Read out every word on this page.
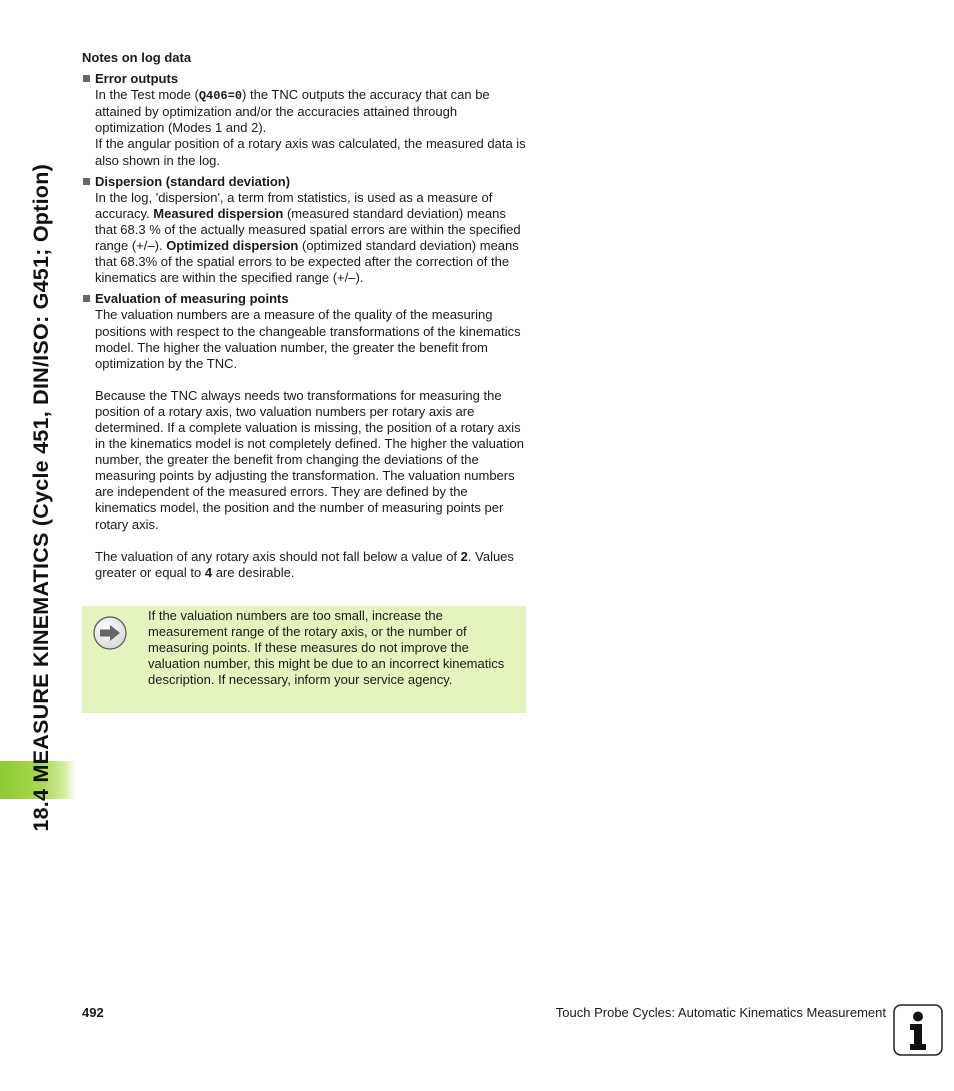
18.4 MEASURE KINEMATICS (Cycle 451, DIN/ISO: G451; Option)
Notes on log data
Error outputs

In the Test mode (Q406=0) the TNC outputs the accuracy that can be attained by optimization and/or the accuracies attained through optimization (Modes 1 and 2).

If the angular position of a rotary axis was calculated, the measured data is also shown in the log.

Dispersion (standard deviation)

In the log, 'dispersion', a term from statistics, is used as a measure of accuracy. Measured dispersion (measured standard deviation) means that 68.3 % of the actually measured spatial errors are within the specified range (+/–). Optimized dispersion (optimized standard deviation) means that 68.3% of the spatial errors to be expected after the correction of the kinematics are within the specified range (+/–).

Evaluation of measuring points

The valuation numbers are a measure of the quality of the measuring positions with respect to the changeable transformations of the kinematics model. The higher the valuation number, the greater the benefit from optimization by the TNC.

Because the TNC always needs two transformations for measuring the position of a rotary axis, two valuation numbers per rotary axis are determined. If a complete valuation is missing, the position of a rotary axis in the kinematics model is not completely defined. The higher the valuation number, the greater the benefit from changing the deviations of the measuring points by adjusting the transformation. The valuation numbers are independent of the measured errors. They are defined by the kinematics model, the position and the number of measuring points per rotary axis.

The valuation of any rotary axis should not fall below a value of 2. Values greater or equal to 4 are desirable.

If the valuation numbers are too small, increase the measurement range of the rotary axis, or the number of measuring points. If these measures do not improve the valuation number, this might be due to an incorrect kinematics description. If necessary, inform your service agency.
492	Touch Probe Cycles: Automatic Kinematics Measurement
